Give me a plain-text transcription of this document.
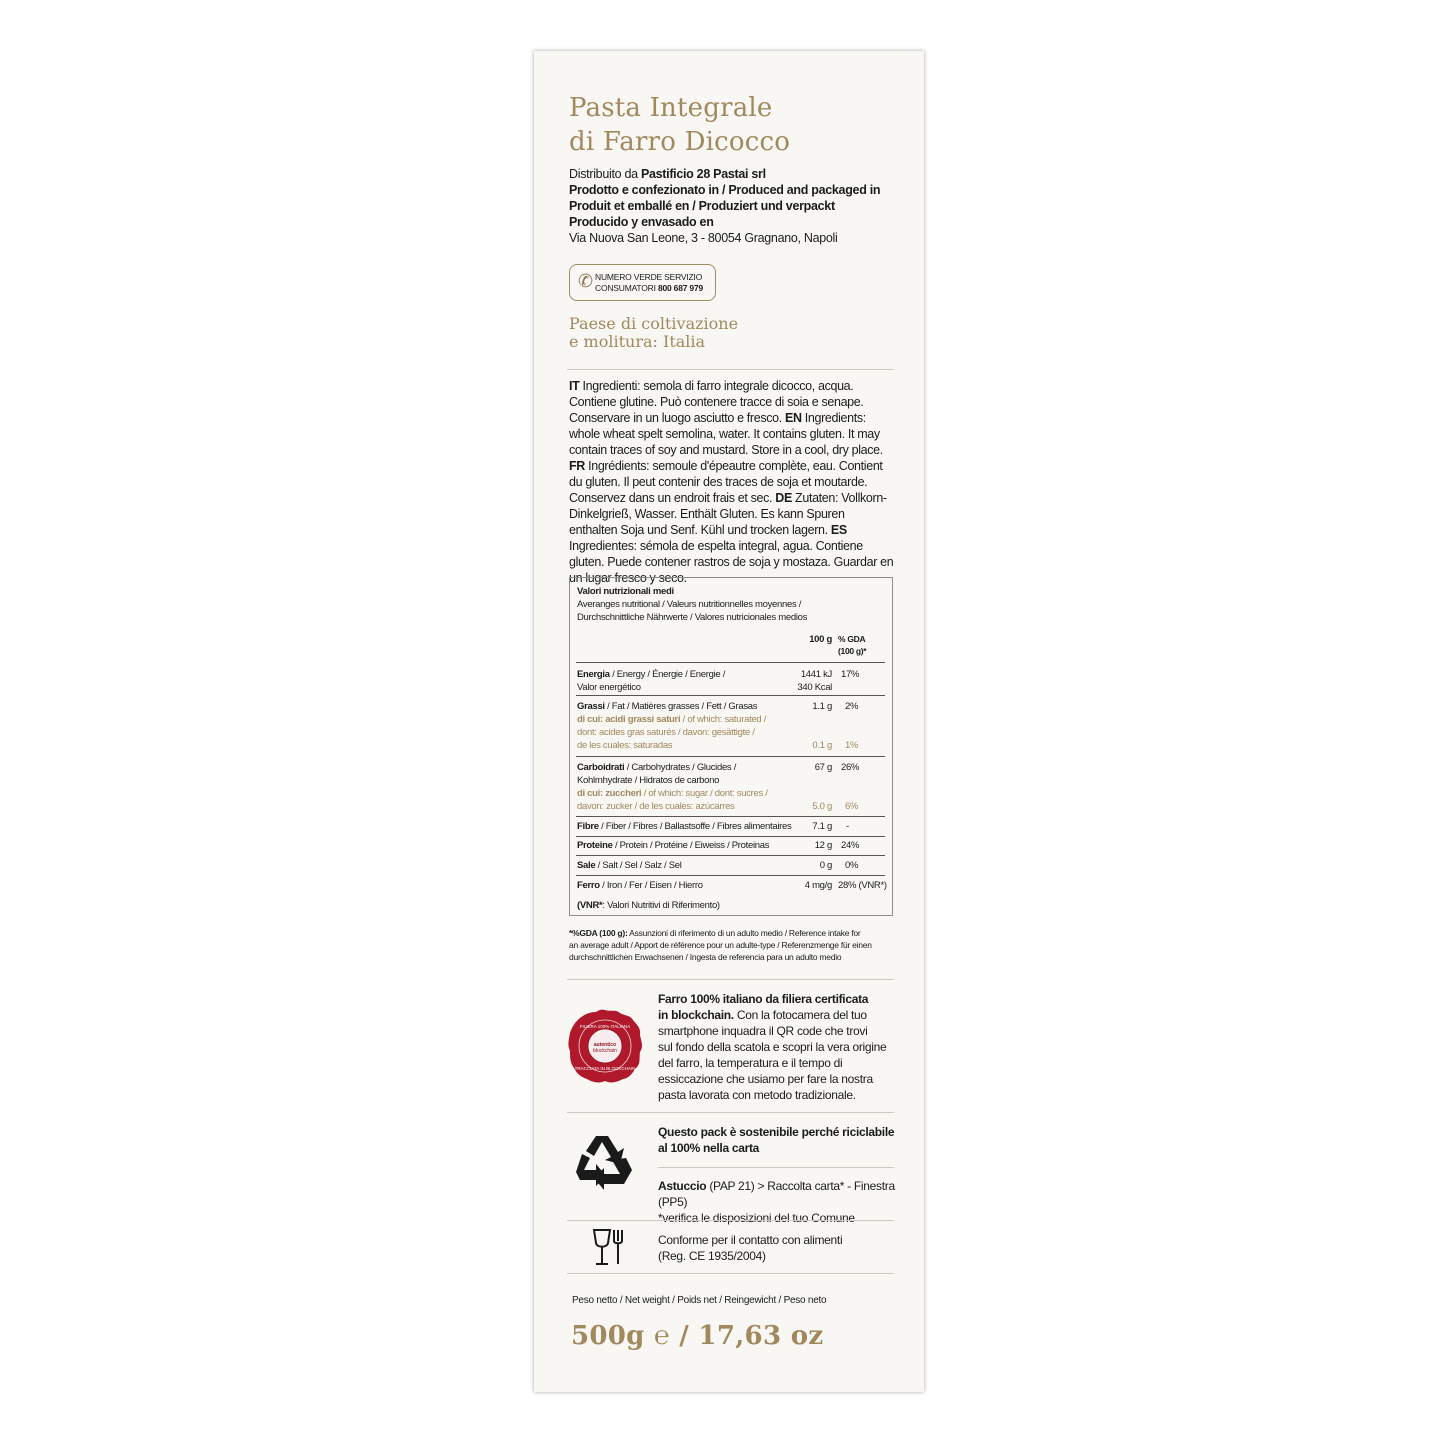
Pasta Integrale
di Farro Dicocco
Distribuito da Pastificio 28 Pastai srl
Prodotto e confezionato in / Produced and packaged in
Produit et emballé en / Produziert und verpackt
Producido y envasado en
Via Nuova San Leone, 3 - 80054 Gragnano, Napoli
✆ NUMERO VERDE SERVIZIO
CONSUMATORI 800 687 979
Paese di coltivazione
e molitura: Italia
IT Ingredienti: semola di farro integrale dicocco, acqua. Contiene glutine. Può contenere tracce di soia e senape. Conservare in un luogo asciutto e fresco. EN Ingredients: whole wheat spelt semolina, water. It contains gluten. It may contain traces of soy and mustard. Store in a cool, dry place. FR Ingrédients: semoule d'épeautre complète, eau. Contient du gluten. Il peut contenir des traces de soja et moutarde. Conservez dans un endroit frais et sec. DE Zutaten: Vollkorn-Dinkelgrieß, Wasser. Enthält Gluten. Es kann Spuren enthalten Soja und Senf. Kühl und trocken lagern. ES Ingredientes: sémola de espelta integral, agua. Contiene gluten. Puede contener rastros de soja y mostaza. Guardar en un lugar fresco y seco.
Valori nutrizionali medi
Averanges nutritional / Valeurs nutritionnelles moyennes /
Durchschnittliche Nährwerte / Valores nutricionales medios
100 g % GDA
(100 g)*
Energia / Energy / Énergie / Energie /
Valor energético
1441 kJ
340 Kcal
17%
Grassi / Fat / Matières grasses / Fett / Grasas	1.1 g 2%
di cui: acidi grassi saturi / of which: saturated /
dont: acides gras saturés / davon: gesättigte /
de les cuales: saturadas	0.1 g 1%
Carboidrati / Carbohydrates / Glucides /
Kohlrnhydrate / Hidratos de carbono
67 g 26%
di cui: zuccheri / of which: sugar / dont: sucres /
davon: zucker / de les cuales: azúcarres	5.0 g 6%
Fibre / Fiber / Fibres / Ballastsoffe / Fibres alimentaires 7.1 g -
Proteine / Protein / Protéine / Eiweiss / Proteinas	12 g 24%
Sale / Salt / Sel / Salz / Sel	0 g 0%
Ferro / Iron / Fer / Eisen / Hierro	4 mg/g 28% (VNR*)
(VNR*: Valori Nutritivi di Riferimento)
*%GDA (100 g): Assunzioni di riferimento di un adulto medio / Reference intake for
an average adult / Apport de référence pour un adulte-type / Referenzmenge für einen
durchschnittlichen Erwachsenen / Ingesta de referencia para un adulto medio
FILIERA 100% ITALIANA
TRACCIATA IN BLOCKCHAIN
autentico
blockchain
Farro 100% italiano da filiera certificata
in blockchain. Con la fotocamera del tuo
smartphone inquadra il QR code che trovi
sul fondo della scatola e scopri la vera origine
del farro, la temperatura e il tempo di
essiccazione che usiamo per fare la nostra
pasta lavorata con metodo tradizionale.
Questo pack è sostenibile perché riciclabile
al 100% nella carta
Astuccio (PAP 21) > Raccolta carta* - Finestra (PP5)
*verifica le disposizioni del tuo Comune
Conforme per il contatto con alimenti
(Reg. CE 1935/2004)
Peso netto / Net weight / Poids net / Reingewicht / Peso neto
500g ℮ / 17,63 oz
